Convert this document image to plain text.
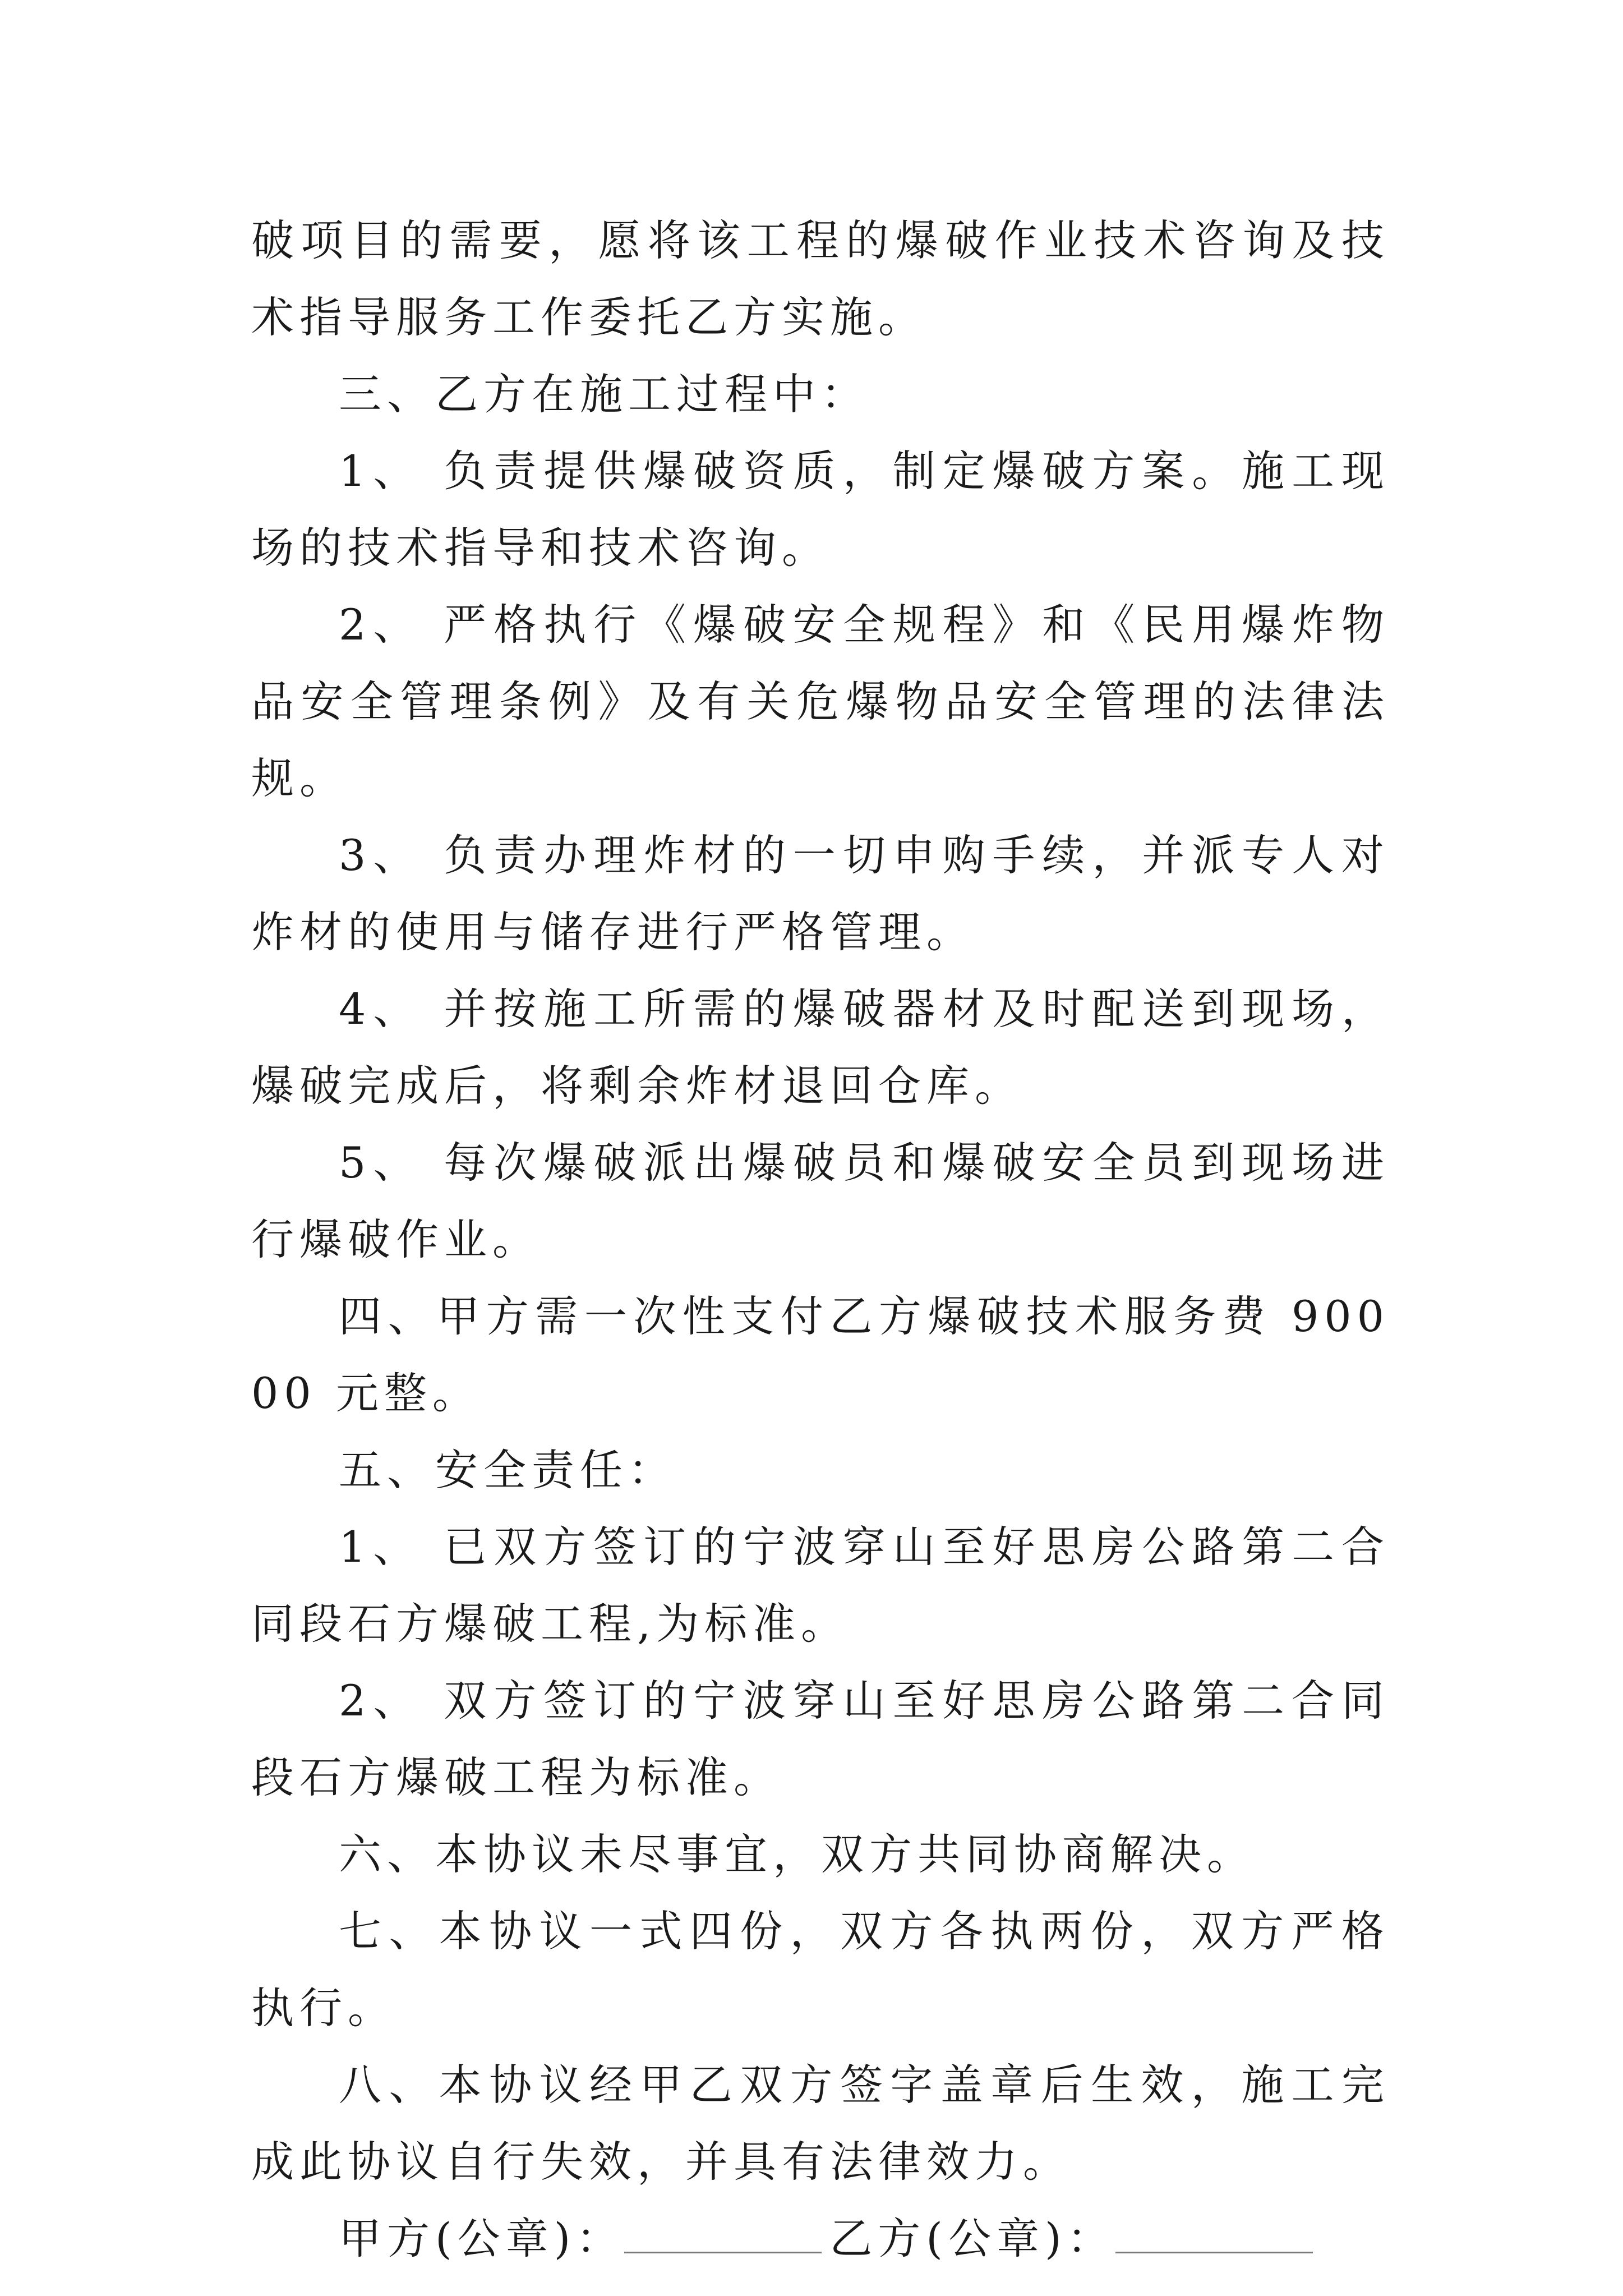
破项目的需要，愿将该工程的爆破作业技术咨询及技术指导服务工作委托乙方实施。

三、乙方在施工过程中：

1、 负责提供爆破资质，制定爆破方案。施工现场的技术指导和技术咨询。

2、 严格执行《爆破安全规程》和《民用爆炸物品安全管理条例》及有关危爆物品安全管理的法律法规。

3、 负责办理炸材的一切申购手续，并派专人对炸材的使用与储存进行严格管理。

4、 并按施工所需的爆破器材及时配送到现场，爆破完成后，将剩余炸材退回仓库。

5、 每次爆破派出爆破员和爆破安全员到现场进行爆破作业。

四、甲方需一次性支付乙方爆破技术服务费 90000 元整。

五、安全责任：

1、 已双方签订的宁波穿山至好思房公路第二合同段石方爆破工程,为标准。

2、 双方签订的宁波穿山至好思房公路第二合同段石方爆破工程为标准。

六、本协议未尽事宜，双方共同协商解决。

七、本协议一式四份，双方各执两份，双方严格执行。

八、本协议经甲乙双方签字盖章后生效，施工完成此协议自行失效，并具有法律效力。

甲方(公章)：	乙方(公章)：
